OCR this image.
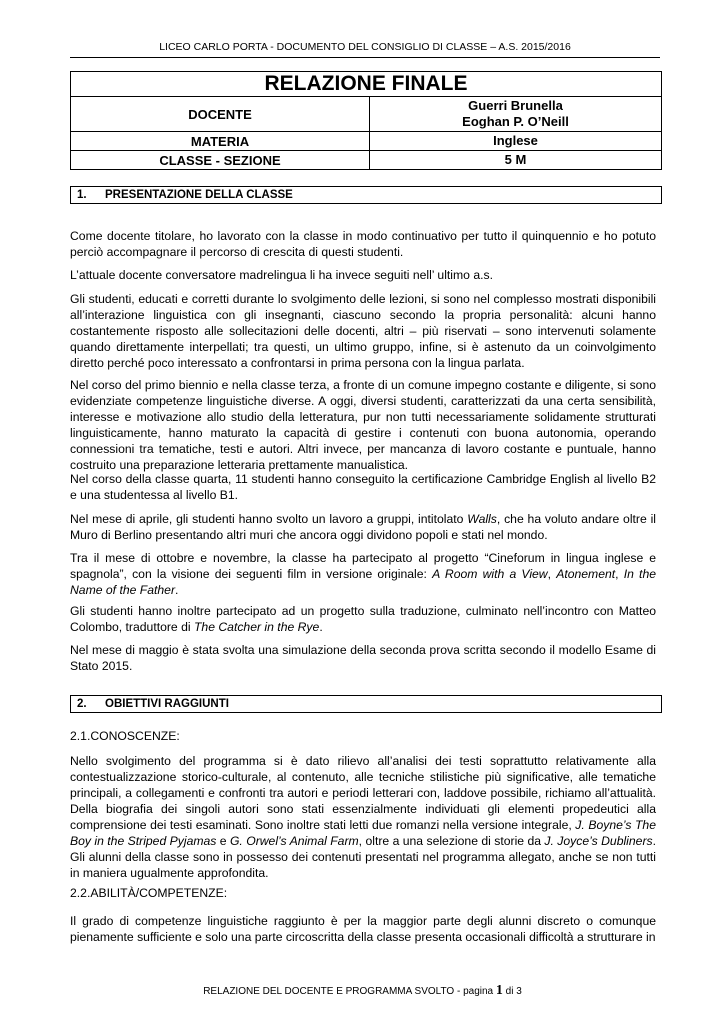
LICEO CARLO PORTA - DOCUMENTO DEL CONSIGLIO DI CLASSE – A.S. 2015/2016
RELAZIONE FINALE	
DOCENTE	Guerri Brunella
Eoghan P. O’Neill

MATERIA	Inglese
CLASSE - SEZIONE	5 M
1. PRESENTAZIONE DELLA CLASSE

Come docente titolare, ho lavorato con la classe in modo continuativo per tutto il quinquennio e ho potuto perciò accompagnare il percorso di crescita di questi studenti.

L’attuale docente conversatore madrelingua li ha invece seguiti nell’ ultimo a.s.

Gli studenti, educati e corretti durante lo svolgimento delle lezioni, si sono nel complesso mostrati disponibili all’interazione linguistica con gli insegnanti, ciascuno secondo la propria personalità: alcuni hanno costantemente risposto alle sollecitazioni delle docenti, altri – più riservati – sono intervenuti solamente quando direttamente interpellati; tra questi, un ultimo gruppo, infine, si è astenuto da un coinvolgimento diretto perché poco interessato a confrontarsi in prima persona con la lingua parlata.

Nel corso del primo biennio e nella classe terza, a fronte di un comune impegno costante e diligente, si sono evidenziate competenze linguistiche diverse. A oggi, diversi studenti, caratterizzati da una certa sensibilità, interesse e motivazione allo studio della letteratura, pur non tutti necessariamente solidamente strutturati linguisticamente, hanno maturato la capacità di gestire i contenuti con buona autonomia, operando connessioni tra tematiche, testi e autori. Altri invece, per mancanza di lavoro costante e puntuale, hanno costruito una preparazione letteraria prettamente manualistica.

Nel corso della classe quarta, 11 studenti hanno conseguito la certificazione Cambridge English al livello B2 e una studentessa al livello B1.

Nel mese di aprile, gli studenti hanno svolto un lavoro a gruppi, intitolato Walls, che ha voluto andare oltre il Muro di Berlino presentando altri muri che ancora oggi dividono popoli e stati nel mondo.

Tra il mese di ottobre e novembre, la classe ha partecipato al progetto “Cineforum in lingua inglese e spagnola”, con la visione dei seguenti film in versione originale: A Room with a View, Atonement, In the Name of the Father.

Gli studenti hanno inoltre partecipato ad un progetto sulla traduzione, culminato nell’incontro con Matteo Colombo, traduttore di The Catcher in the Rye.

Nel mese di maggio è stata svolta una simulazione della seconda prova scritta secondo il modello Esame di Stato 2015.

2. OBIETTIVI RAGGIUNTI
2.1.CONOSCENZE:

Nello svolgimento del programma si è dato rilievo all’analisi dei testi soprattutto relativamente alla contestualizzazione storico-culturale, al contenuto, alle tecniche stilistiche più significative, alle tematiche principali, a collegamenti e confronti tra autori e periodi letterari con, laddove possibile, richiamo all’attualità. Della biografia dei singoli autori sono stati essenzialmente individuati gli elementi propedeutici alla comprensione dei testi esaminati. Sono inoltre stati letti due romanzi nella versione integrale, J. Boyne’s The Boy in the Striped Pyjamas e G. Orwel’s Animal Farm, oltre a una selezione di storie da J. Joyce’s Dubliners. Gli alunni della classe sono in possesso dei contenuti presentati nel programma allegato, anche se non tutti in maniera ugualmente approfondita.

2.2.ABILITÀ/COMPETENZE:

Il grado di competenze linguistiche raggiunto è per la maggior parte degli alunni discreto o comunque pienamente sufficiente e solo una parte circoscritta della classe presenta occasionali difficoltà a strutturare in

RELAZIONE DEL DOCENTE E PROGRAMMA SVOLTO - pagina 1 di 3
